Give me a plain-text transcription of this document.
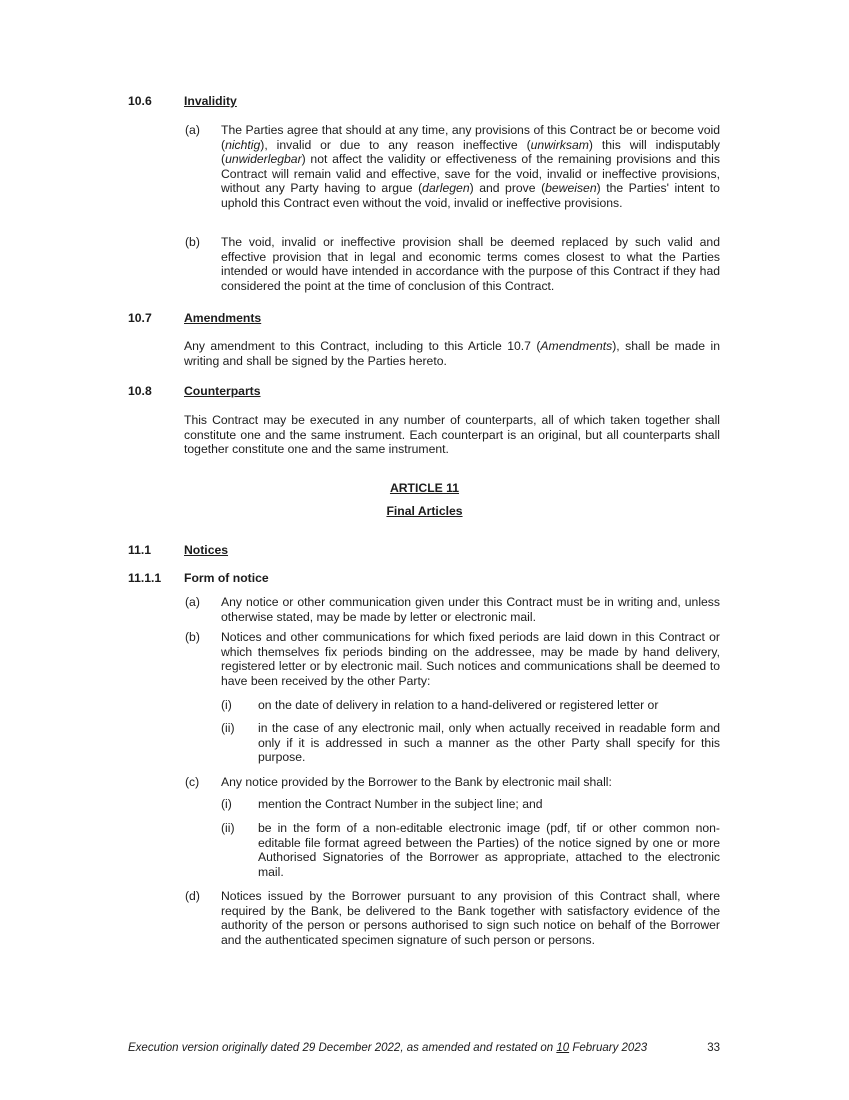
10.6	Invalidity
(a) The Parties agree that should at any time, any provisions of this Contract be or become void (nichtig), invalid or due to any reason ineffective (unwirksam) this will indisputably (unwiderlegbar) not affect the validity or effectiveness of the remaining provisions and this Contract will remain valid and effective, save for the void, invalid or ineffective provisions, without any Party having to argue (darlegen) and prove (beweisen) the Parties' intent to uphold this Contract even without the void, invalid or ineffective provisions.
(b) The void, invalid or ineffective provision shall be deemed replaced by such valid and effective provision that in legal and economic terms comes closest to what the Parties intended or would have intended in accordance with the purpose of this Contract if they had considered the point at the time of conclusion of this Contract.
10.7	Amendments
Any amendment to this Contract, including to this Article 10.7 (Amendments), shall be made in writing and shall be signed by the Parties hereto.
10.8	Counterparts
This Contract may be executed in any number of counterparts, all of which taken together shall constitute one and the same instrument. Each counterpart is an original, but all counterparts shall together constitute one and the same instrument.
ARTICLE 11
Final Articles
11.1	Notices
11.1.1 Form of notice
(a) Any notice or other communication given under this Contract must be in writing and, unless otherwise stated, may be made by letter or electronic mail.
(b) Notices and other communications for which fixed periods are laid down in this Contract or which themselves fix periods binding on the addressee, may be made by hand delivery, registered letter or by electronic mail. Such notices and communications shall be deemed to have been received by the other Party:
(i) on the date of delivery in relation to a hand-delivered or registered letter or
(ii) in the case of any electronic mail, only when actually received in readable form and only if it is addressed in such a manner as the other Party shall specify for this purpose.
(c) Any notice provided by the Borrower to the Bank by electronic mail shall:
(i) mention the Contract Number in the subject line; and
(ii) be in the form of a non-editable electronic image (pdf, tif or other common non-editable file format agreed between the Parties) of the notice signed by one or more Authorised Signatories of the Borrower as appropriate, attached to the electronic mail.
(d) Notices issued by the Borrower pursuant to any provision of this Contract shall, where required by the Bank, be delivered to the Bank together with satisfactory evidence of the authority of the person or persons authorised to sign such notice on behalf of the Borrower and the authenticated specimen signature of such person or persons.
Execution version originally dated 29 December 2022, as amended and restated on 10 February 2023	33
